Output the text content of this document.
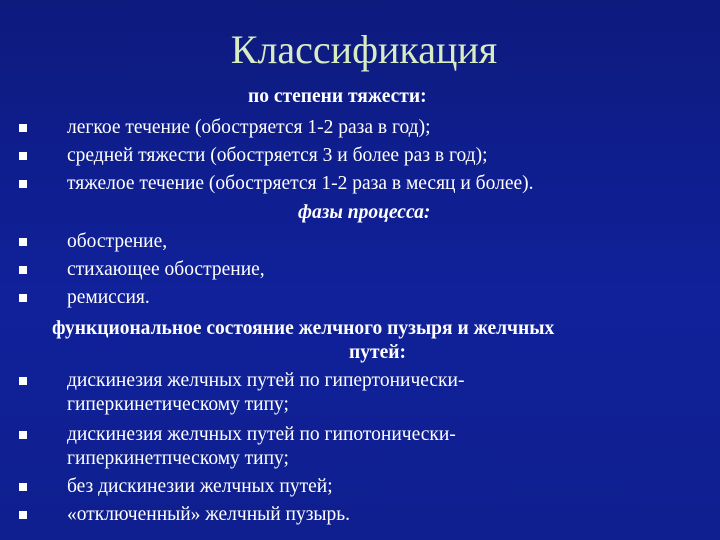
Классификация
по степени тяжести:
легкое течение (обостряется 1-2 раза в год);
средней тяжести (обостряется 3 и более раз в год);
тяжелое течение (обостряется 1-2 раза в месяц и более).
фазы процесса:
обострение,
стихающее обострение,
ремиссия.
функциональное состояние желчного пузыря и желчных
путей:
дискинезия желчных путей по гипертонически-
гиперкинетическому типу;
дискинезия желчных путей по гипотонически-
гиперкинетпческому типу;
без дискинезии желчных путей;
«отключенный» желчный пузырь.
